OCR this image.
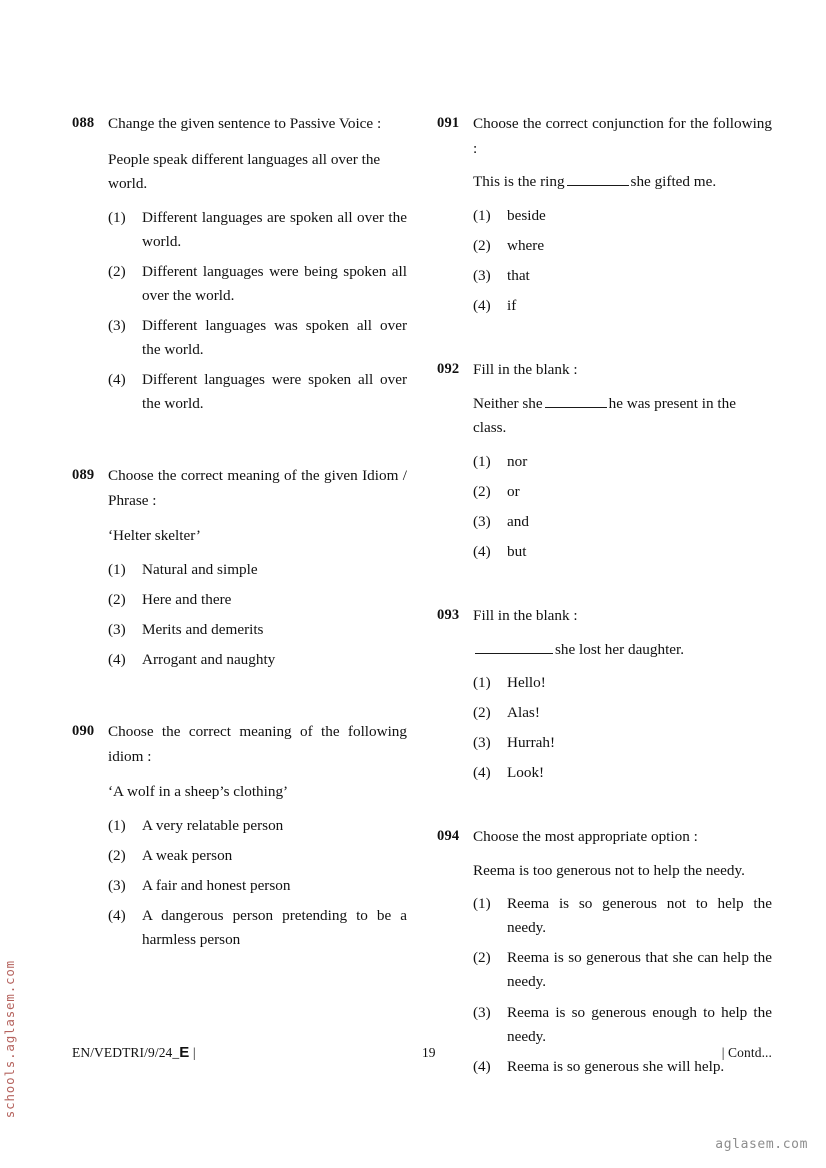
schools.aglasem.com
088 Change the given sentence to Passive Voice :

People speak different languages all over the world.

(1)	Different languages are spoken all over the world.
(2)	Different languages were being spoken all over the world.
(3)	Different languages was spoken all over the world.
(4)	Different languages were spoken all over the world.
089 Choose the correct meaning of the given Idiom / Phrase :

‘Helter skelter’

(1)	Natural and simple
(2)	Here and there
(3)	Merits and demerits
(4)	Arrogant and naughty
090 Choose the correct meaning of the following idiom :

‘A wolf in a sheep’s clothing’

(1)	A very relatable person
(2)	A weak person
(3)	A fair and honest person
(4)	A dangerous person pretending to be a harmless person
091 Choose the correct conjunction for the following :

This is the ring	she gifted me.

(1)	beside
(2)	where
(3)	that
(4)	if
092 Fill in the blank :

Neither she	he was present in the class.

(1)	nor
(2)	or
(3)	and
(4)	but
093 Fill in the blank :

she lost her daughter.

(1)	Hello!
(2)	Alas!
(3)	Hurrah!
(4)	Look!
094 Choose the most appropriate option :

Reema is too generous not to help the needy.

(1)	Reema is so generous not to help the needy.
(2)	Reema is so generous that she can help the needy.
(3)	Reema is so generous enough to help the needy.
(4)	Reema is so generous she will help.
EN/VEDTRI/9/24_E |	19	| Contd...
aglasem.com
